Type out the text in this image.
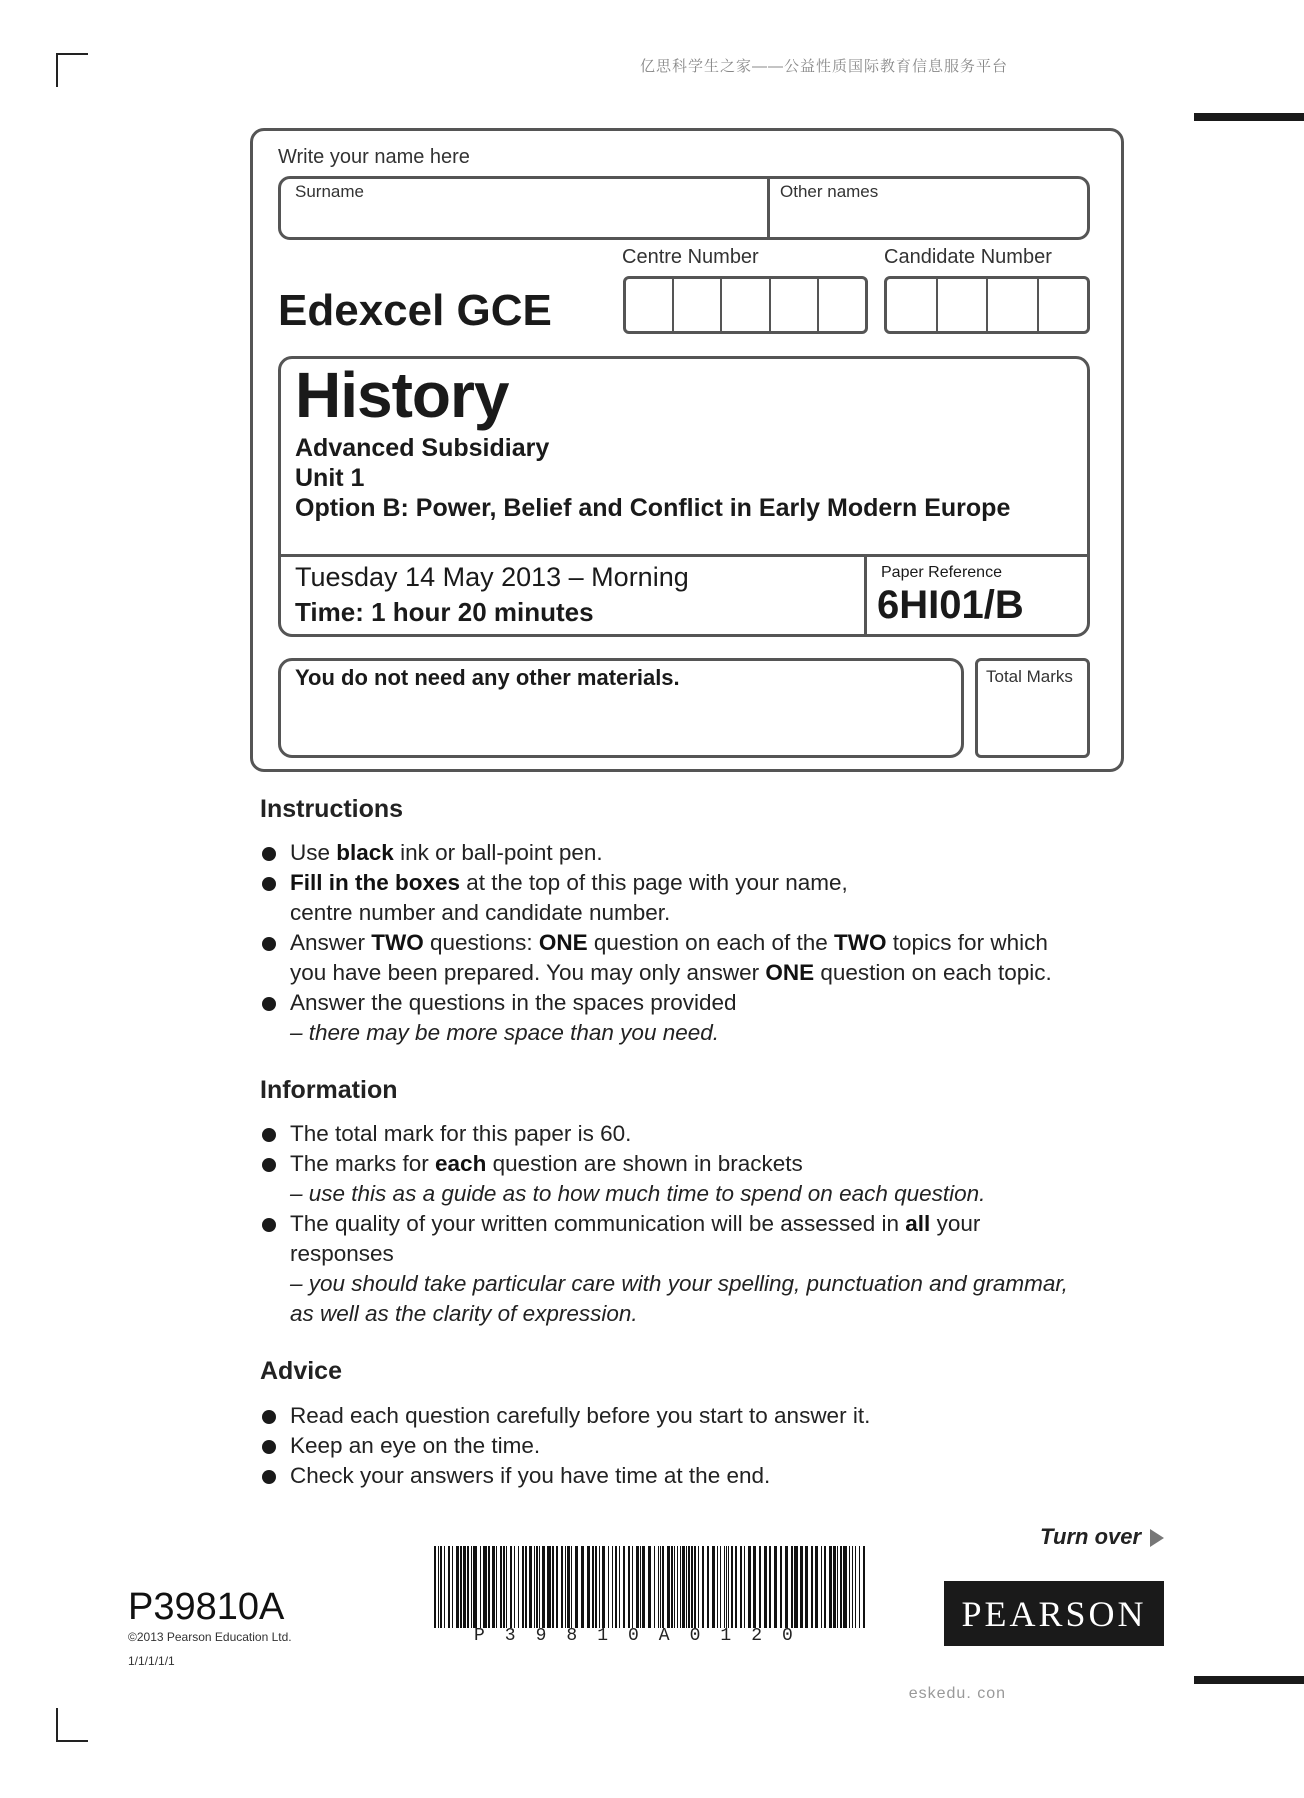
亿思科学生之家——公益性质国际教育信息服务平台
Write your name here
Surname	Other names
Centre Number	Candidate Number
Edexcel GCE
History
Advanced Subsidiary
Unit 1
Option B: Power, Belief and Conflict in Early Modern Europe
Tuesday 14 May 2013 – Morning
Time: 1 hour 20 minutes
Paper Reference
6HI01/B
You do not need any other materials.	Total Marks
Instructions
Use black ink or ball-point pen.
Fill in the boxes at the top of this page with your name,
centre number and candidate number.
Answer TWO questions: ONE question on each of the TWO topics for which
you have been prepared. You may only answer ONE question on each topic.
Answer the questions in the spaces provided
– there may be more space than you need.
Information
The total mark for this paper is 60.
The marks for each question are shown in brackets
– use this as a guide as to how much time to spend on each question.
The quality of your written communication will be assessed in all your
responses
– you should take particular care with your spelling, punctuation and grammar,
as well as the clarity of expression.
Advice
Read each question carefully before you start to answer it.
Keep an eye on the time.
Check your answers if you have time at the end.
Turn over
P39810A
©2013 Pearson Education Ltd.
1/1/1/1/1
P39810A0120
PEARSON
eskedu. con
